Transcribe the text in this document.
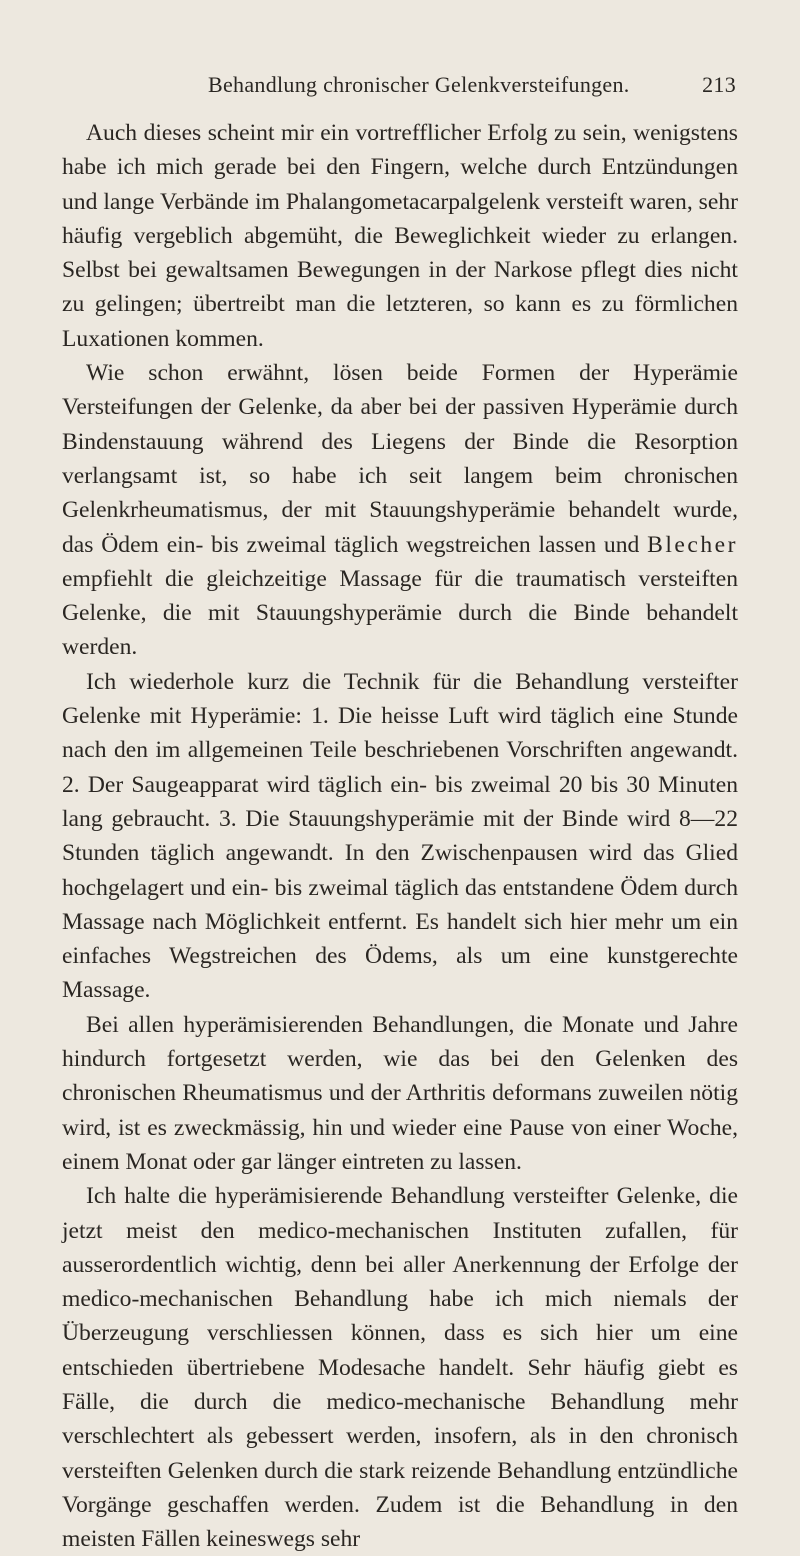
Behandlung chronischer Gelenkversteifungen.	213

Auch dieses scheint mir ein vortrefflicher Erfolg zu sein, wenigstens habe ich mich gerade bei den Fingern, welche durch Entzündungen und lange Verbände im Phalangometacarpalgelenk versteift waren, sehr häufig vergeblich abgemüht, die Beweglichkeit wieder zu erlangen. Selbst bei gewaltsamen Bewegungen in der Narkose pflegt dies nicht zu gelingen; übertreibt man die letzteren, so kann es zu förmlichen Luxationen kommen.

Wie schon erwähnt, lösen beide Formen der Hyperämie Versteifungen der Gelenke, da aber bei der passiven Hyperämie durch Bindenstauung während des Liegens der Binde die Resorption verlangsamt ist, so habe ich seit langem beim chronischen Gelenkrheumatismus, der mit Stauungshyperämie behandelt wurde, das Ödem ein- bis zweimal täglich wegstreichen lassen und Blecher empfiehlt die gleichzeitige Massage für die traumatisch versteiften Gelenke, die mit Stauungshyperämie durch die Binde behandelt werden.

Ich wiederhole kurz die Technik für die Behandlung versteifter Gelenke mit Hyperämie: 1. Die heisse Luft wird täglich eine Stunde nach den im allgemeinen Teile beschriebenen Vorschriften angewandt. 2. Der Saugeapparat wird täglich ein- bis zweimal 20 bis 30 Minuten lang gebraucht. 3. Die Stauungshyperämie mit der Binde wird 8—22 Stunden täglich angewandt. In den Zwischenpausen wird das Glied hochgelagert und ein- bis zweimal täglich das entstandene Ödem durch Massage nach Möglichkeit entfernt. Es handelt sich hier mehr um ein einfaches Wegstreichen des Ödems, als um eine kunstgerechte Massage.

Bei allen hyperämisierenden Behandlungen, die Monate und Jahre hindurch fortgesetzt werden, wie das bei den Gelenken des chronischen Rheumatismus und der Arthritis deformans zuweilen nötig wird, ist es zweckmässig, hin und wieder eine Pause von einer Woche, einem Monat oder gar länger eintreten zu lassen.

Ich halte die hyperämisierende Behandlung versteifter Gelenke, die jetzt meist den medico-mechanischen Instituten zufallen, für ausserordentlich wichtig, denn bei aller Anerkennung der Erfolge der medico-mechanischen Behandlung habe ich mich niemals der Überzeugung verschliessen können, dass es sich hier um eine entschieden übertriebene Modesache handelt. Sehr häufig giebt es Fälle, die durch die medico-mechanische Behandlung mehr verschlechtert als gebessert werden, insofern, als in den chronisch versteiften Gelenken durch die stark reizende Behandlung entzündliche Vorgänge geschaffen werden. Zudem ist die Behandlung in den meisten Fällen keineswegs sehr
